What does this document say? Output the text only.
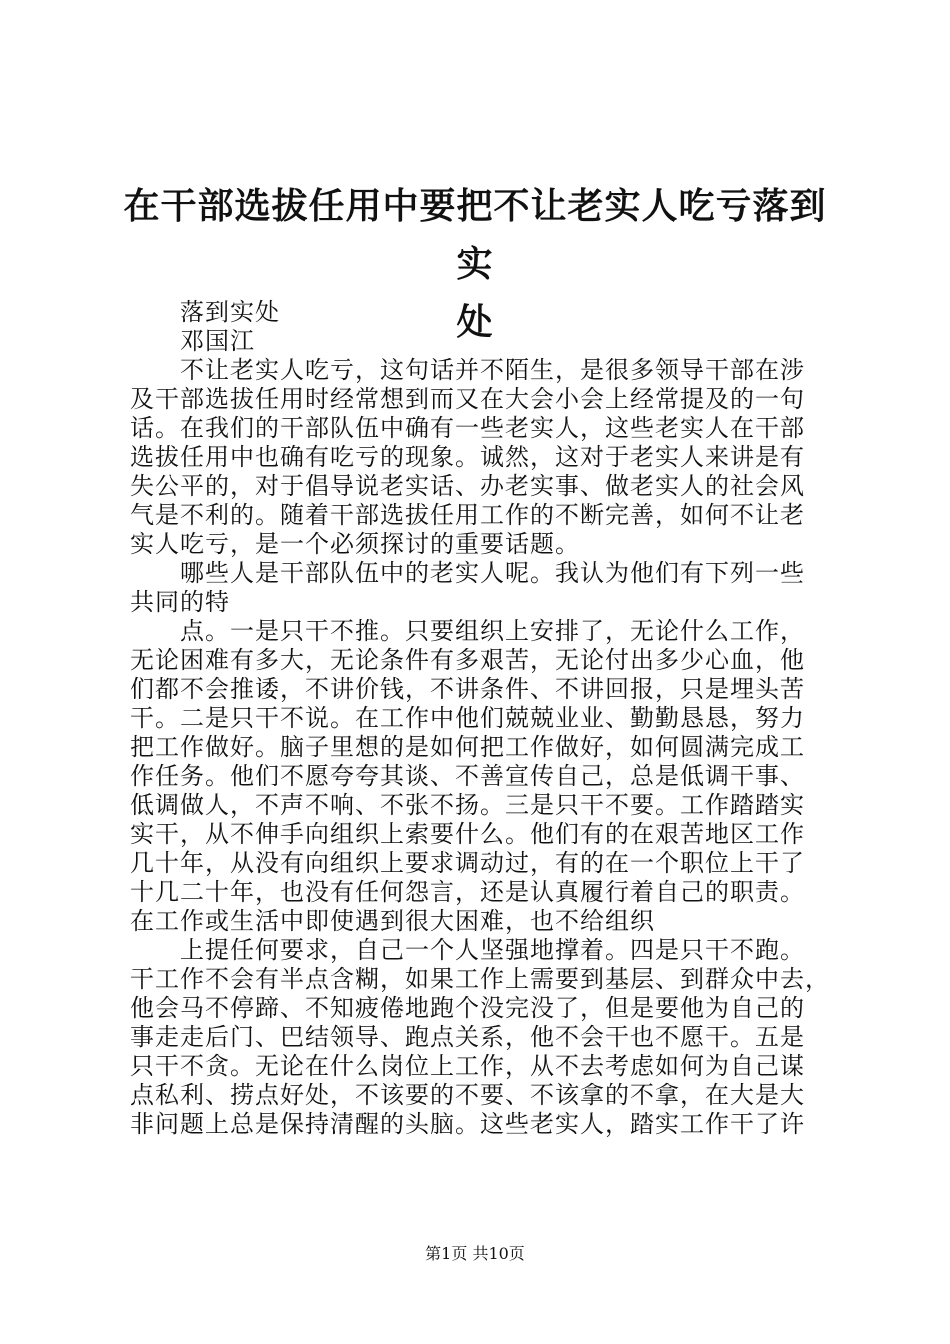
在干部选拔任用中要把不让老实人吃亏落到实
处
落到实处
邓国江
不让老实人吃亏，这句话并不陌生，是很多领导干部在涉
及干部选拔任用时经常想到而又在大会小会上经常提及的一句
话。在我们的干部队伍中确有一些老实人，这些老实人在干部
选拔任用中也确有吃亏的现象。诚然，这对于老实人来讲是有
失公平的，对于倡导说老实话、办老实事、做老实人的社会风
气是不利的。随着干部选拔任用工作的不断完善，如何不让老
实人吃亏，是一个必须探讨的重要话题。
哪些人是干部队伍中的老实人呢。我认为他们有下列一些
共同的特
点。一是只干不推。只要组织上安排了，无论什么工作，
无论困难有多大，无论条件有多艰苦，无论付出多少心血，他
们都不会推诿，不讲价钱，不讲条件、不讲回报，只是埋头苦
干。二是只干不说。在工作中他们兢兢业业、勤勤恳恳，努力
把工作做好。脑子里想的是如何把工作做好，如何圆满完成工
作任务。他们不愿夸夸其谈、不善宣传自己，总是低调干事、
低调做人，不声不响、不张不扬。三是只干不要。工作踏踏实
实干，从不伸手向组织上索要什么。他们有的在艰苦地区工作
几十年，从没有向组织上要求调动过，有的在一个职位上干了
十几二十年，也没有任何怨言，还是认真履行着自己的职责。
在工作或生活中即使遇到很大困难，也不给组织
上提任何要求，自己一个人坚强地撑着。四是只干不跑。
干工作不会有半点含糊，如果工作上需要到基层、到群众中去，
他会马不停蹄、不知疲倦地跑个没完没了，但是要他为自己的
事走走后门、巴结领导、跑点关系，他不会干也不愿干。五是
只干不贪。无论在什么岗位上工作，从不去考虑如何为自己谋
点私利、捞点好处，不该要的不要、不该拿的不拿，在大是大
非问题上总是保持清醒的头脑。这些老实人，踏实工作干了许
第1页 共10页
